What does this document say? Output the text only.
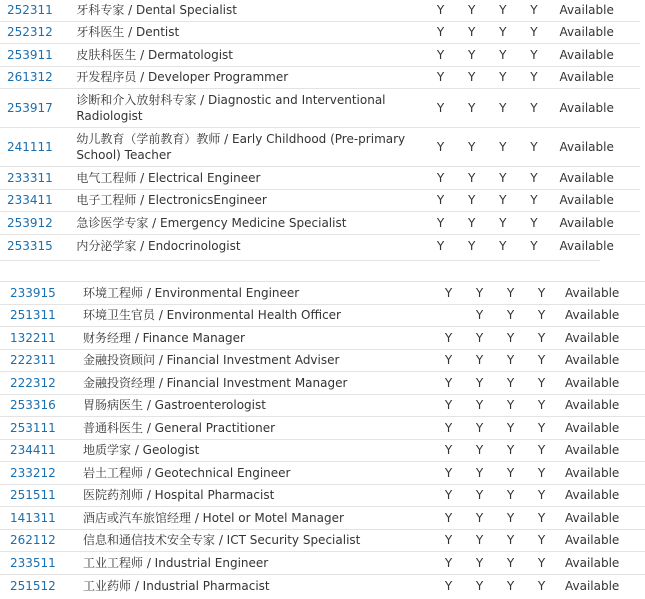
252311	牙科专家 / Dental Specialist	Y	Y	Y	Y	Available
252312	牙科医生 / Dentist	Y	Y	Y	Y	Available
253911	皮肤科医生 / Dermatologist	Y	Y	Y	Y	Available
261312	开发程序员 / Developer Programmer	Y	Y	Y	Y	Available
253917	诊断和介入放射科专家 / Diagnostic and Interventional Radiologist	Y	Y	Y	Y	Available
241111	幼儿教育（学前教育）教师 / Early Childhood (Pre-primary School) Teacher	Y	Y	Y	Y	Available
233311	电气工程师 / Electrical Engineer	Y	Y	Y	Y	Available
233411	电子工程师 / ElectronicsEngineer	Y	Y	Y	Y	Available
253912	急诊医学专家 / Emergency Medicine Specialist	Y	Y	Y	Y	Available
253315	内分泌学家 / Endocrinologist	Y	Y	Y	Y	Available
233915	环境工程师 / Environmental Engineer	Y	Y	Y	Y	Available
251311	环境卫生官员 / Environmental Health Officer		Y	Y	Y	Available
132211	财务经理 / Finance Manager	Y	Y	Y	Y	Available
222311	金融投资顾问 / Financial Investment Adviser	Y	Y	Y	Y	Available
222312	金融投资经理 / Financial Investment Manager	Y	Y	Y	Y	Available
253316	胃肠病医生 / Gastroenterologist	Y	Y	Y	Y	Available
253111	普通科医生 / General Practitioner	Y	Y	Y	Y	Available
234411	地质学家 / Geologist	Y	Y	Y	Y	Available
233212	岩土工程师 / Geotechnical Engineer	Y	Y	Y	Y	Available
251511	医院药剂师 / Hospital Pharmacist	Y	Y	Y	Y	Available
141311	酒店或汽车旅馆经理 / Hotel or Motel Manager	Y	Y	Y	Y	Available
262112	信息和通信技术安全专家 / ICT Security Specialist	Y	Y	Y	Y	Available
233511	工业工程师 / Industrial Engineer	Y	Y	Y	Y	Available
251512	工业药师 / Industrial Pharmacist	Y	Y	Y	Y	Available
